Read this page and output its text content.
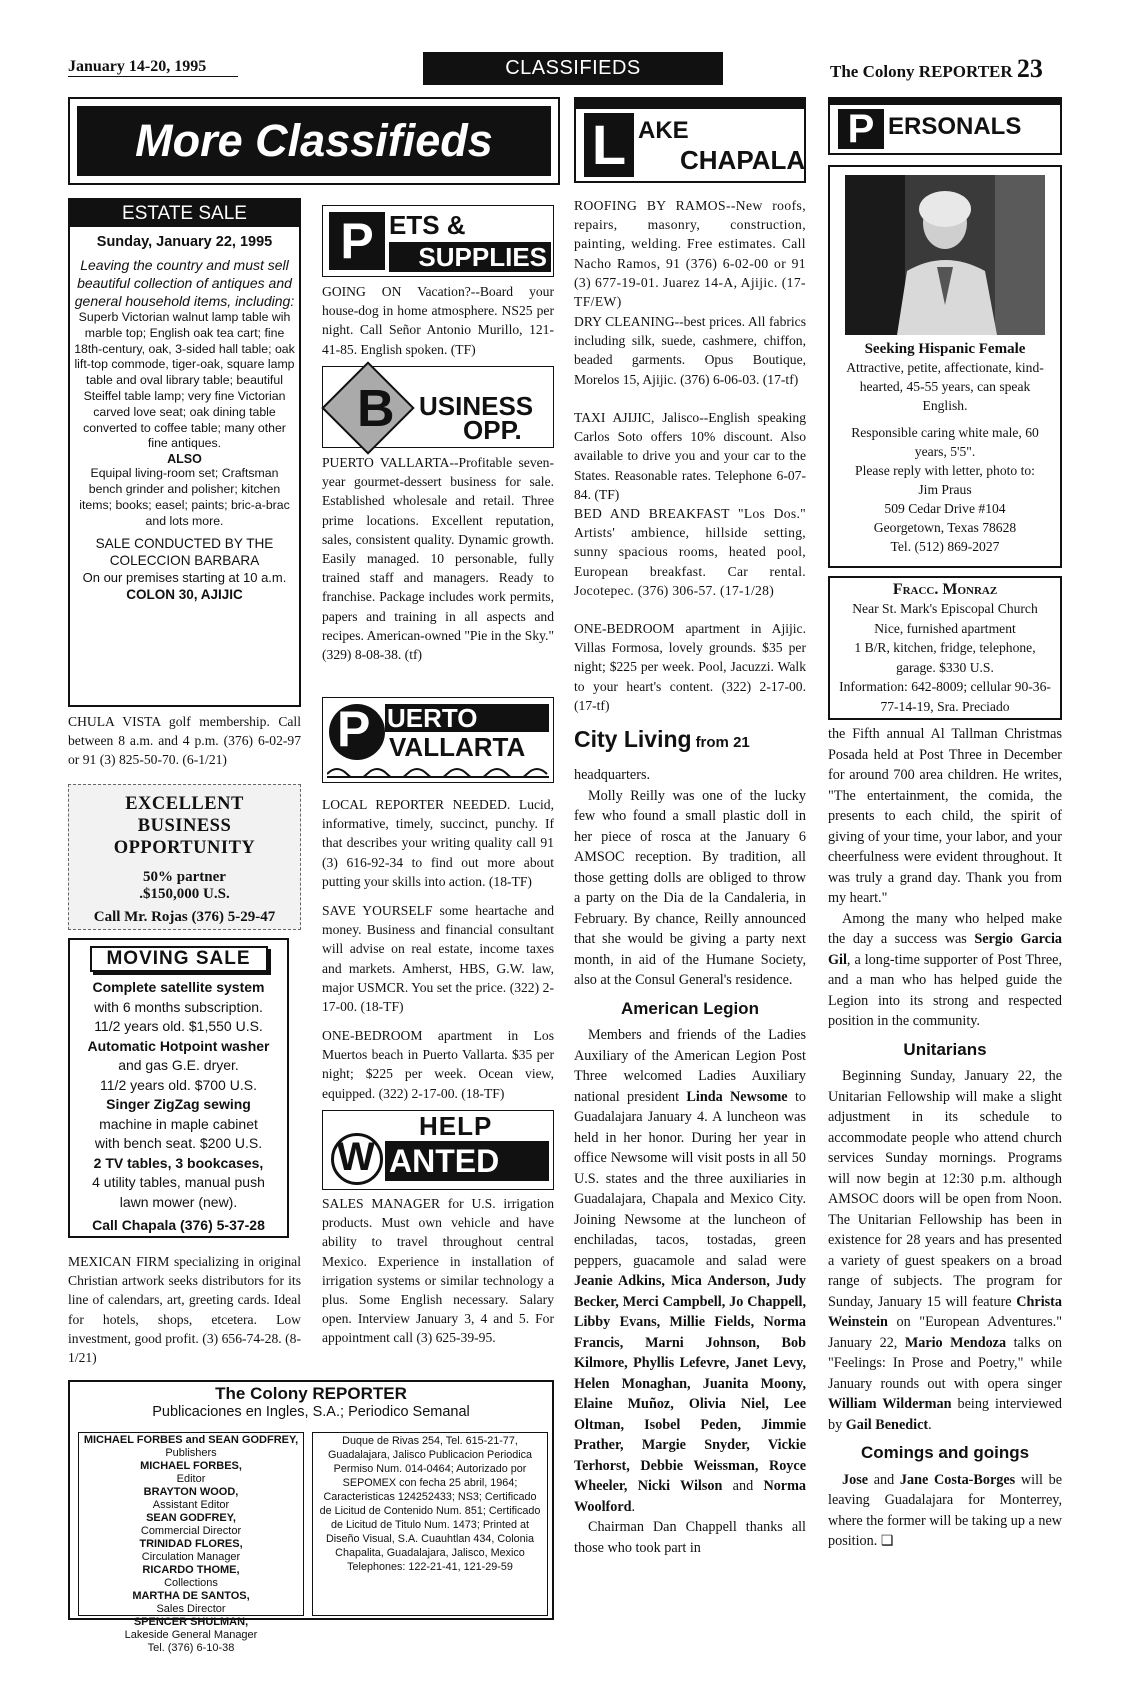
January 14-20, 1995	CLASSIFIEDS	The Colony REPORTER 23
More Classifieds
ESTATE SALE
Sunday, January 22, 1995
Leaving the country and must sell beautiful collection of antiques and general household items, including:
Superb Victorian walnut lamp table wih marble top; English oak tea cart; fine 18th-century, oak, 3-sided hall table; oak lift-top commode, tiger-oak, square lamp table and oval library table; beautiful Steiffel table lamp; very fine Victorian carved love seat; oak dining table converted to coffee table; many other fine antiques.
ALSO
Equipal living-room set; Craftsman bench grinder and polisher; kitchen items; books; easel; paints; bric-a-brac and lots more.
SALE CONDUCTED BY THE COLECCION BARBARA
On our premises starting at 10 a.m.
COLON 30, AJIJIC
CHULA VISTA golf membership. Call between 8 a.m. and 4 p.m. (376) 6-02-97 or 91 (3) 825-50-70. (6-1/21)
EXCELLENT BUSINESS OPPORTUNITY
50% partner
.$150,000 U.S.
Call Mr. Rojas (376) 5-29-47
MOVING SALE
Complete satellite system
with 6 months subscription.
11/2 years old. $1,550 U.S.
Automatic Hotpoint washer
and gas G.E. dryer.
11/2 years old. $700 U.S.
Singer ZigZag sewing
machine in maple cabinet
with bench seat. $200 U.S.
2 TV tables, 3 bookcases,
4 utility tables, manual push
lawn mower (new).
Call Chapala (376) 5-37-28
MEXICAN FIRM specializing in original Christian artwork seeks distributors for its line of calendars, art, greeting cards. Ideal for hotels, shops, etcetera. Low investment, good profit. (3) 656-74-28. (8-1/21)
P ETS &
SUPPLIES
GOING ON Vacation?--Board your house-dog in home atmosphere. NS25 per night. Call Señor Antonio Murillo, 121-41-85. English spoken. (TF)
B USINESS
OPP.
PUERTO VALLARTA--Profitable seven-year gourmet-dessert business for sale. Established wholesale and retail. Three prime locations. Excellent reputation, sales, consistent quality. Dynamic growth. Easily managed. 10 personable, fully trained staff and managers. Ready to franchise. Package includes work permits, papers and training in all aspects and recipes. American-owned "Pie in the Sky." (329) 8-08-38. (tf)
P UERTO
VALLARTA
LOCAL REPORTER NEEDED. Lucid, informative, timely, succinct, punchy. If that describes your writing quality call 91 (3) 616-92-34 to find out more about putting your skills into action. (18-TF)
SAVE YOURSELF some heartache and money. Business and financial consultant will advise on real estate, income taxes and markets. Amherst, HBS, G.W. law, major USMCR. You set the price. (322) 2-17-00. (18-TF)
ONE-BEDROOM apartment in Los Muertos beach in Puerto Vallarta. $35 per night; $225 per week. Ocean view, equipped. (322) 2-17-00. (18-TF)
HELP
W ANTED
SALES MANAGER for U.S. irrigation products. Must own vehicle and have ability to travel throughout central Mexico. Experience in installation of irrigation systems or similar technology a plus. Some English necessary. Salary open. Interview January 3, 4 and 5. For appointment call (3) 625-39-95.
The Colony REPORTER
Publicaciones en Ingles, S.A.; Periodico Semanal
MICHAEL FORBES and SEAN GODFREY,
Publishers
MICHAEL FORBES,
Editor
BRAYTON WOOD,
Assistant Editor
SEAN GODFREY,
Commercial Director
TRINIDAD FLORES,
Circulation Manager
RICARDO THOME,
Collections
MARTHA DE SANTOS,
Sales Director
SPENCER SHULMAN,
Lakeside General Manager
Tel. (376) 6-10-38
Duque de Rivas 254, Tel. 615-21-77, Guadalajara, Jalisco Publicacion Periodica Permiso Num. 014-0464; Autorizado por SEPOMEX con fecha 25 abril, 1964; Caracteristicas 124252433; NS3; Certificado de Licitud de Contenido Num. 851; Certificado de Licitud de Titulo Num. 1473; Printed at Diseño Visual, S.A. Cuauhtlan 434, Colonia Chapalita, Guadalajara, Jalisco, Mexico
Telephones: 122-21-41, 121-29-59
L AKE
CHAPALA
ROOFING BY RAMOS--New roofs, repairs, masonry, construction, painting, welding. Free estimates. Call Nacho Ramos, 91 (376) 6-02-00 or 91 (3) 677-19-01. Juarez 14-A, Ajijic. (17-TF/EW)
DRY CLEANING--best prices. All fabrics including silk, suede, cashmere, chiffon, beaded garments. Opus Boutique, Morelos 15, Ajijic. (376) 6-06-03. (17-tf)
TAXI AJIJIC, Jalisco--English speaking Carlos Soto offers 10% discount. Also available to drive you and your car to the States. Reasonable rates. Telephone 6-07-84. (TF)
BED AND BREAKFAST "Los Dos." Artists' ambience, hillside setting, sunny spacious rooms, heated pool, European breakfast. Car rental. Jocotepec. (376) 306-57. (17-1/28)
ONE-BEDROOM apartment in Ajijic. Villas Formosa, lovely grounds. $35 per night; $225 per week. Pool, Jacuzzi. Walk to your heart's content. (322) 2-17-00. (17-tf)
City Living from 21

headquarters.

Molly Reilly was one of the lucky few who found a small plastic doll in her piece of rosca at the January 6 AMSOC reception. By tradition, all those getting dolls are obliged to throw a party on the Dia de la Candaleria, in February. By chance, Reilly announced that she would be giving a party next month, in aid of the Humane Society, also at the Consul General's residence.

American Legion

Members and friends of the Ladies Auxiliary of the American Legion Post Three welcomed Ladies Auxiliary national president Linda Newsome to Guadalajara January 4. A luncheon was held in her honor. During her year in office Newsome will visit posts in all 50 U.S. states and the three auxiliaries in Guadalajara, Chapala and Mexico City. Joining Newsome at the luncheon of enchiladas, tacos, tostadas, green peppers, guacamole and salad were Jeanie Adkins, Mica Anderson, Judy Becker, Merci Campbell, Jo Chappell, Libby Evans, Millie Fields, Norma Francis, Marni Johnson, Bob Kilmore, Phyllis Lefevre, Janet Levy, Helen Monaghan, Juanita Moony, Elaine Muñoz, Olivia Niel, Lee Oltman, Isobel Peden, Jimmie Prather, Margie Snyder, Vickie Terhorst, Debbie Weissman, Royce Wheeler, Nicki Wilson and Norma Woolford.

Chairman Dan Chappell thanks all those who took part in

P ERSONALS
Seeking Hispanic Female
Attractive, petite, affectionate, kind-hearted, 45-55 years, can speak English.
Responsible caring white male, 60 years, 5'5".
Please reply with letter, photo to:
Jim Praus
509 Cedar Drive #104
Georgetown, Texas 78628
Tel. (512) 869-2027
Fracc. Monraz
Near St. Mark's Episcopal Church
Nice, furnished apartment
1 B/R, kitchen, fridge, telephone, garage. $330 U.S.
Information: 642-8009; cellular 90-36-77-14-19, Sra. Preciado

the Fifth annual Al Tallman Christmas Posada held at Post Three in December for around 700 area children. He writes, "The entertainment, the comida, the presents to each child, the spirit of giving of your time, your labor, and your cheerfulness were evident throughout. It was truly a grand day. Thank you from my heart."

Among the many who helped make the day a success was Sergio Garcia Gil, a long-time supporter of Post Three, and a man who has helped guide the Legion into its strong and respected position in the community.

Unitarians

Beginning Sunday, January 22, the Unitarian Fellowship will make a slight adjustment in its schedule to accommodate people who attend church services Sunday mornings. Programs will now begin at 12:30 p.m. although AMSOC doors will be open from Noon. The Unitarian Fellowship has been in existence for 28 years and has presented a variety of guest speakers on a broad range of subjects. The program for Sunday, January 15 will feature Christa Weinstein on "European Adventures." January 22, Mario Mendoza talks on "Feelings: In Prose and Poetry," while January rounds out with opera singer William Wilderman being interviewed by Gail Benedict.

Comings and goings

Jose and Jane Costa-Borges will be leaving Guadalajara for Monterrey, where the former will be taking up a new position. ❑
